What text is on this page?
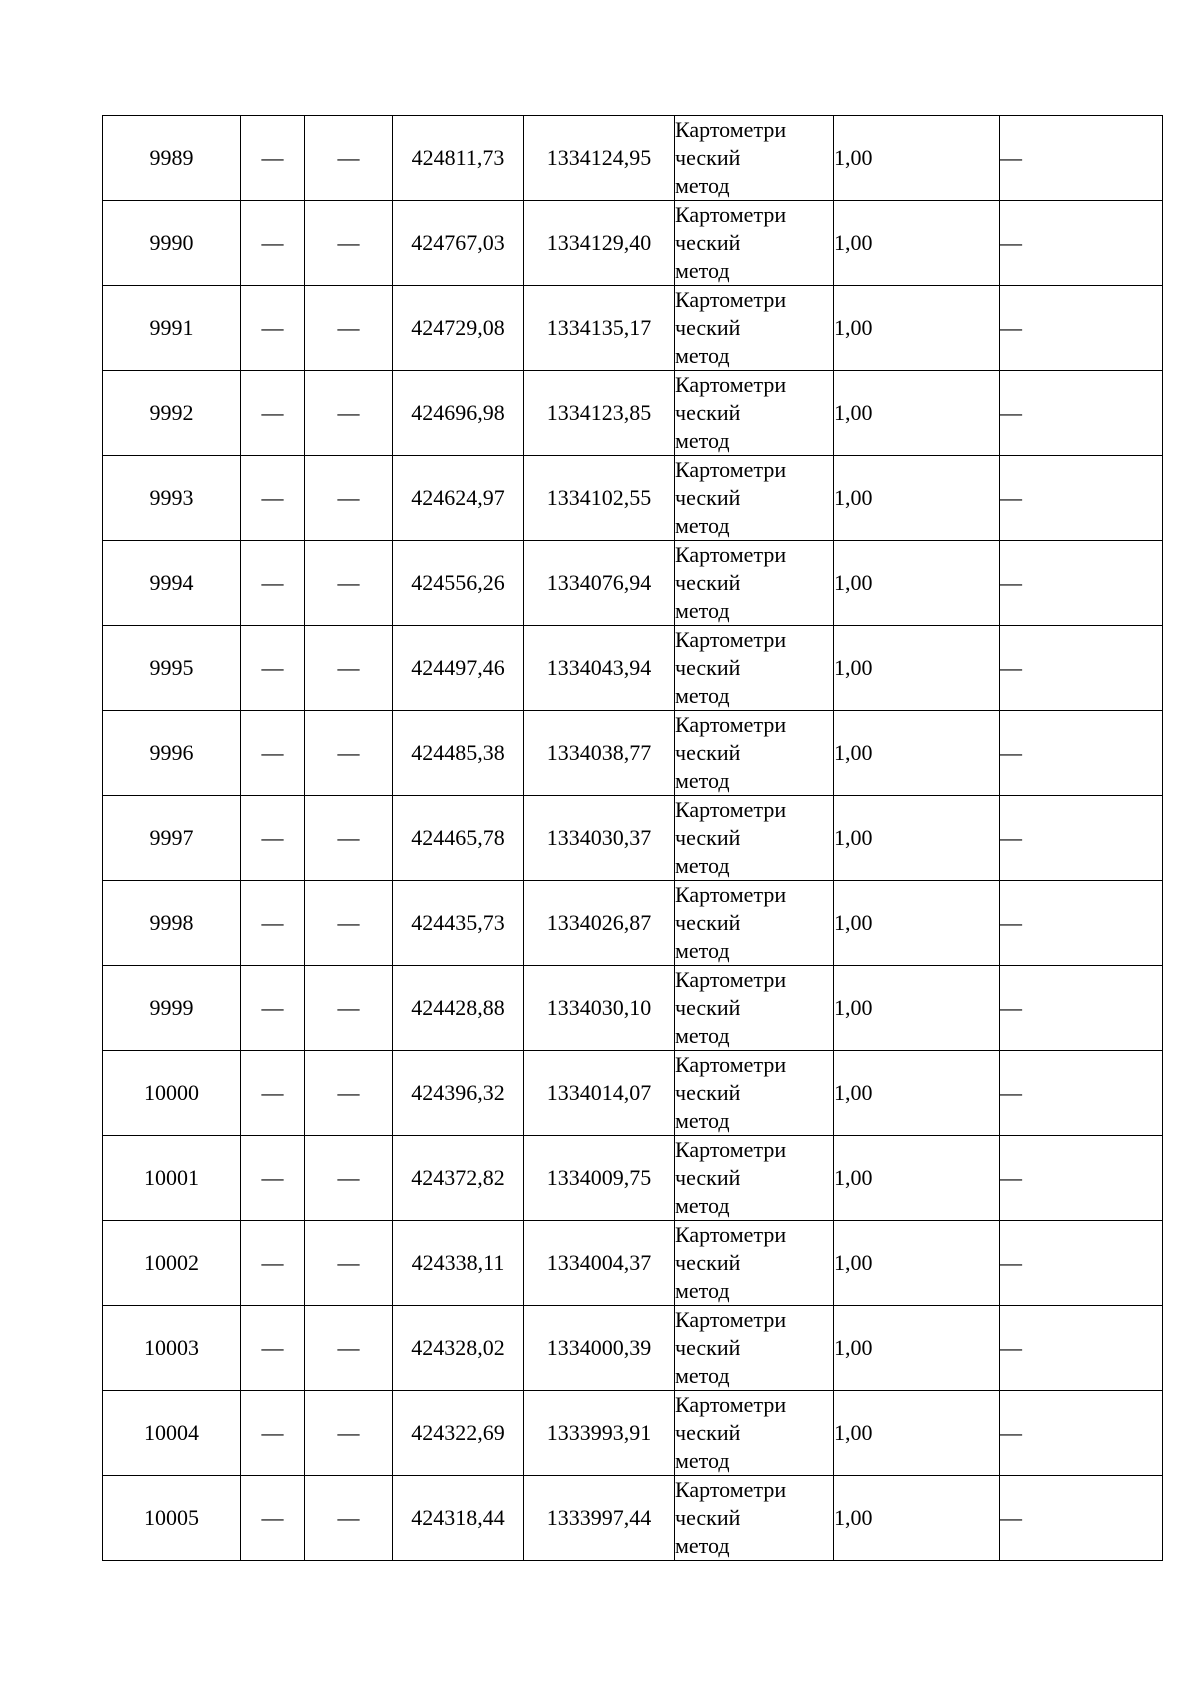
9989	—	—	424811,73	1334124,95	Картометри
ческий
метод	1,00	—
9990	—	—	424767,03	1334129,40	Картометри
ческий
метод	1,00	—
9991	—	—	424729,08	1334135,17	Картометри
ческий
метод	1,00	—
9992	—	—	424696,98	1334123,85	Картометри
ческий
метод	1,00	—
9993	—	—	424624,97	1334102,55	Картометри
ческий
метод	1,00	—
9994	—	—	424556,26	1334076,94	Картометри
ческий
метод	1,00	—
9995	—	—	424497,46	1334043,94	Картометри
ческий
метод	1,00	—
9996	—	—	424485,38	1334038,77	Картометри
ческий
метод	1,00	—
9997	—	—	424465,78	1334030,37	Картометри
ческий
метод	1,00	—
9998	—	—	424435,73	1334026,87	Картометри
ческий
метод	1,00	—
9999	—	—	424428,88	1334030,10	Картометри
ческий
метод	1,00	—
10000	—	—	424396,32	1334014,07	Картометри
ческий
метод	1,00	—
10001	—	—	424372,82	1334009,75	Картометри
ческий
метод	1,00	—
10002	—	—	424338,11	1334004,37	Картометри
ческий
метод	1,00	—
10003	—	—	424328,02	1334000,39	Картометри
ческий
метод	1,00	—
10004	—	—	424322,69	1333993,91	Картометри
ческий
метод	1,00	—
10005	—	—	424318,44	1333997,44	Картометри
ческий
метод	1,00	—
